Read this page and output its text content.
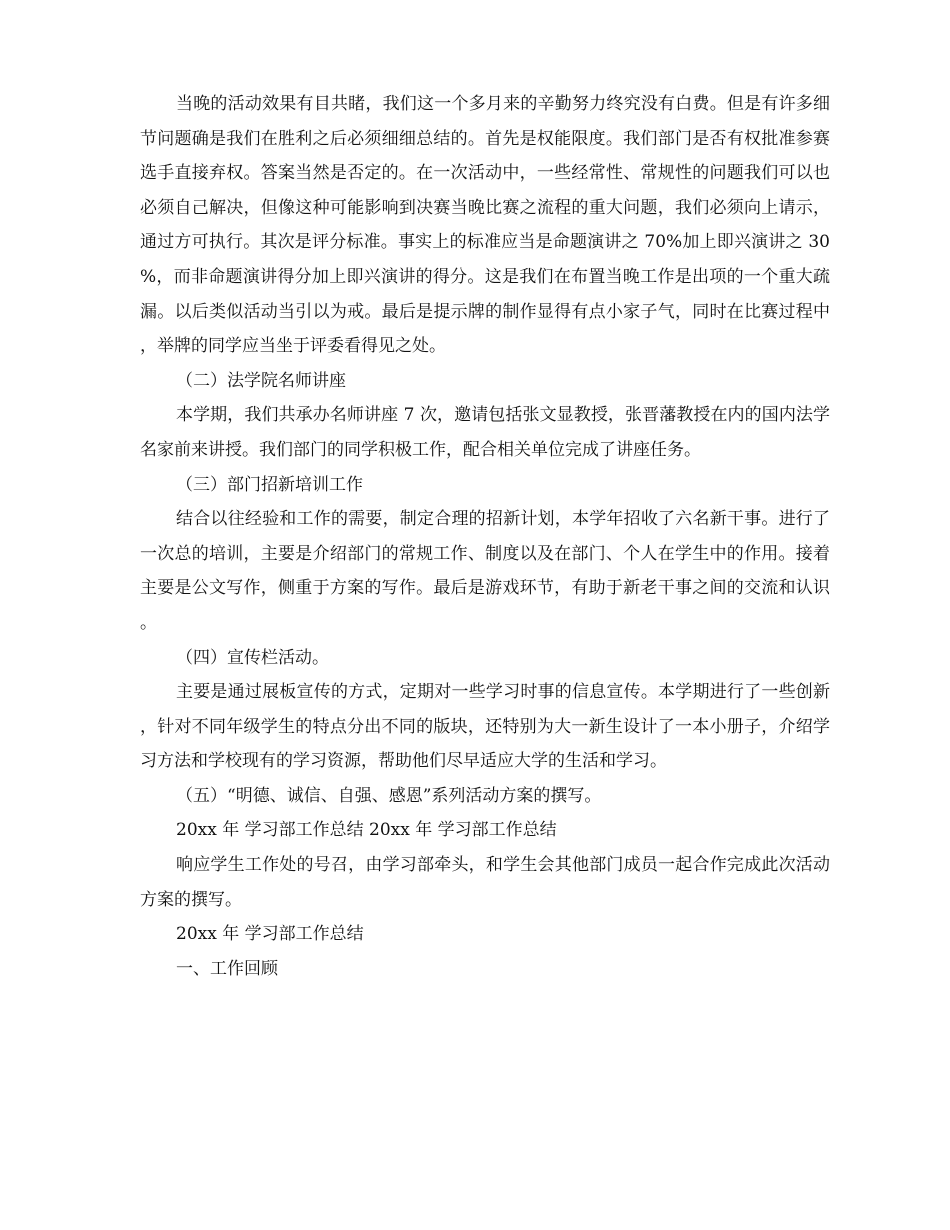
当晚的活动效果有目共睹，我们这一个多月来的辛勤努力终究没有白费。但是有许多细节问题确是我们在胜利之后必须细细总结的。首先是权能限度。我们部门是否有权批准参赛选手直接弃权。答案当然是否定的。在一次活动中，一些经常性、常规性的问题我们可以也必须自己解决，但像这种可能影响到决赛当晚比赛之流程的重大问题，我们必须向上请示，通过方可执行。其次是评分标准。事实上的标准应当是命题演讲之 70%加上即兴演讲之 30%，而非命题演讲得分加上即兴演讲的得分。这是我们在布置当晚工作是出项的一个重大疏漏。以后类似活动当引以为戒。最后是提示牌的制作显得有点小家子气，同时在比赛过程中，举牌的同学应当坐于评委看得见之处。

（二）法学院名师讲座

本学期，我们共承办名师讲座 7 次，邀请包括张文显教授，张晋藩教授在内的国内法学名家前来讲授。我们部门的同学积极工作，配合相关单位完成了讲座任务。

（三）部门招新培训工作

结合以往经验和工作的需要，制定合理的招新计划，本学年招收了六名新干事。进行了一次总的培训，主要是介绍部门的常规工作、制度以及在部门、个人在学生中的作用。接着主要是公文写作，侧重于方案的写作。最后是游戏环节，有助于新老干事之间的交流和认识。

（四）宣传栏活动。

主要是通过展板宣传的方式，定期对一些学习时事的信息宣传。本学期进行了一些创新，针对不同年级学生的特点分出不同的版块，还特别为大一新生设计了一本小册子，介绍学习方法和学校现有的学习资源，帮助他们尽早适应大学的生活和学习。

（五）“明德、诚信、自强、感恩”系列活动方案的撰写。

20xx 年 学习部工作总结 20xx 年 学习部工作总结

响应学生工作处的号召，由学习部牵头，和学生会其他部门成员一起合作完成此次活动方案的撰写。

20xx 年 学习部工作总结

一、工作回顾
